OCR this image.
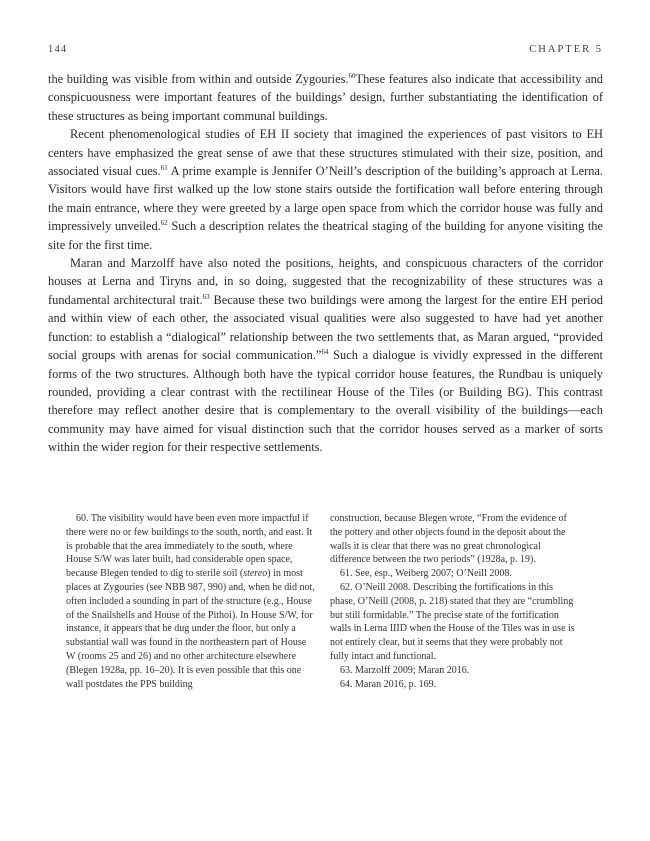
144	CHAPTER 5

the building was visible from within and outside Zygouries.$^{60}$These features also indicate that accessibility and conspicuousness were important features of the buildings’ design, further substantiating the identification of these structures as being important communal buildings.

Recent phenomenological studies of EH II society that imagined the experiences of past visitors to EH centers have emphasized the great sense of awe that these structures stimulated with their size, position, and associated visual cues.$^{61}$ A prime example is Jennifer O’Neill’s description of the building’s approach at Lerna. Visitors would have first walked up the low stone stairs outside the fortification wall before entering through the main entrance, where they were greeted by a large open space from which the corridor house was fully and impressively unveiled.$^{62}$ Such a description relates the theatrical staging of the building for anyone visiting the site for the first time.

Maran and Marzolff have also noted the positions, heights, and conspicuous characters of the corridor houses at Lerna and Tiryns and, in so doing, suggested that the recognizability of these structures was a fundamental architectural trait.$^{63}$ Because these two buildings were among the largest for the entire EH period and within view of each other, the associated visual qualities were also suggested to have had yet another function: to establish a “dialogical” relationship between the two settlements that, as Maran argued, “provided social groups with arenas for social communication.”$^{64}$ Such a dialogue is vividly expressed in the different forms of the two structures. Although both have the typical corridor house features, the Rundbau is uniquely rounded, providing a clear contrast with the rectilinear House of the Tiles (or Building BG). This contrast therefore may reflect another desire that is complementary to the overall visibility of the buildings—each community may have aimed for visual distinction such that the corridor houses served as a marker of sorts within the wider region for their respective settlements.

60. The visibility would have been even more impactful if there were no or few buildings to the south, north, and east. It is probable that the area immediately to the south, where House S/W was later built, had considerable open space, because Blegen tended to dig to sterile soil (stereo) in most places at Zygouries (see NBB 987, 990) and, when he did not, often included a sounding in part of the structure (e.g., House of the Snailshells and House of the Pithoi). In House S/W, for instance, it appears that he dug under the floor, but only a substantial wall was found in the northeastern part of House W (rooms 25 and 26) and no other architecture elsewhere (Blegen 1928a, pp. 16–20). It is even possible that this one wall postdates the PPS building

construction, because Blegen wrote, “From the evidence of the pottery and other objects found in the deposit about the walls it is clear that there was no great chronological difference between the two periods” (1928a, p. 19).

61. See, esp., Weiberg 2007; O’Neill 2008.

62. O’Neill 2008. Describing the fortifications in this phase, O’Neill (2008, p. 218) stated that they are “crumbling but still formidable.” The precise state of the fortification walls in Lerna IIID when the House of the Tiles was in use is not entirely clear, but it seems that they were probably not fully intact and functional.

63. Marzolff 2009; Maran 2016.

64. Maran 2016, p. 169.
